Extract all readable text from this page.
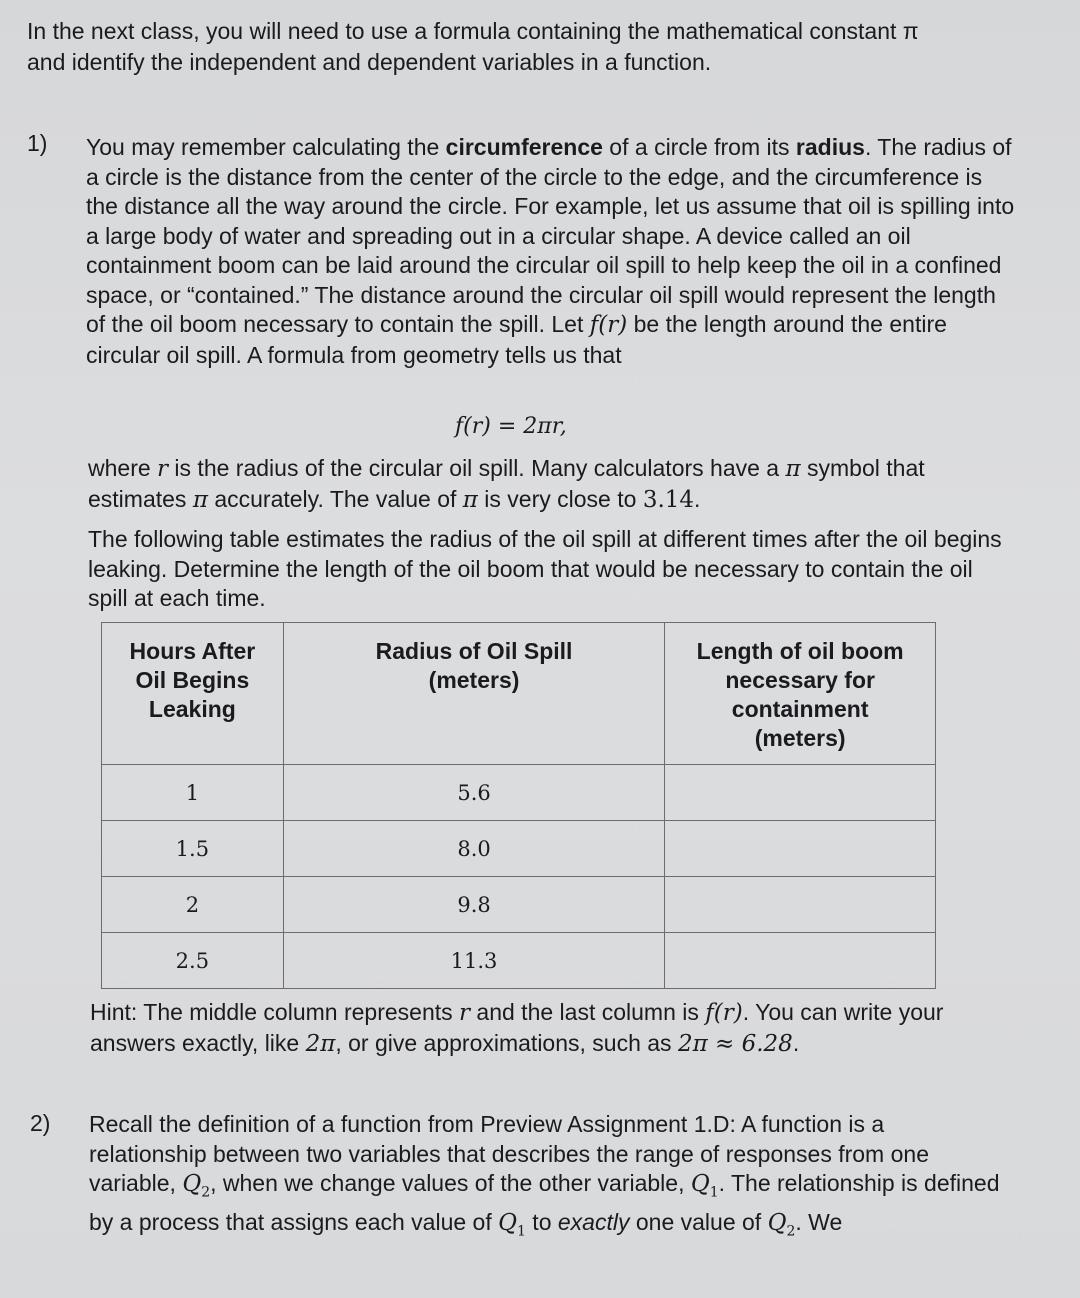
In the next class, you will need to use a formula containing the mathematical constant π
and identify the independent and dependent variables in a function.
1) You may remember calculating the circumference of a circle from its radius. The radius of a circle is the distance from the center of the circle to the edge, and the circumference is the distance all the way around the circle. For example, let us assume that oil is spilling into a large body of water and spreading out in a circular shape. A device called an oil containment boom can be laid around the circular oil spill to help keep the oil in a confined space, or “contained.” The distance around the circular oil spill would represent the length of the oil boom necessary to contain the spill. Let f(r) be the length around the entire circular oil spill. A formula from geometry tells us that
f(r) = 2πr,
where r is the radius of the circular oil spill. Many calculators have a π symbol that estimates π accurately. The value of π is very close to 3.14.
The following table estimates the radius of the oil spill at different times after the oil begins leaking. Determine the length of the oil boom that would be necessary to contain the oil spill at each time.
Hours After Oil Begins Leaking	Radius of Oil Spill (meters)	Length of oil boom necessary for containment (meters)
1	5.6	
1.5	8.0	
2	9.8	
2.5	11.3	
Hint: The middle column represents r and the last column is f(r). You can write your answers exactly, like 2π, or give approximations, such as 2π ≈ 6.28.
2) Recall the definition of a function from Preview Assignment 1.D: A function is a relationship between two variables that describes the range of responses from one variable, $Q_2$, when we change values of the other variable, $Q_1$. The relationship is defined by a process that assigns each value of $Q_1$ to exactly one value of $Q_2$. We
